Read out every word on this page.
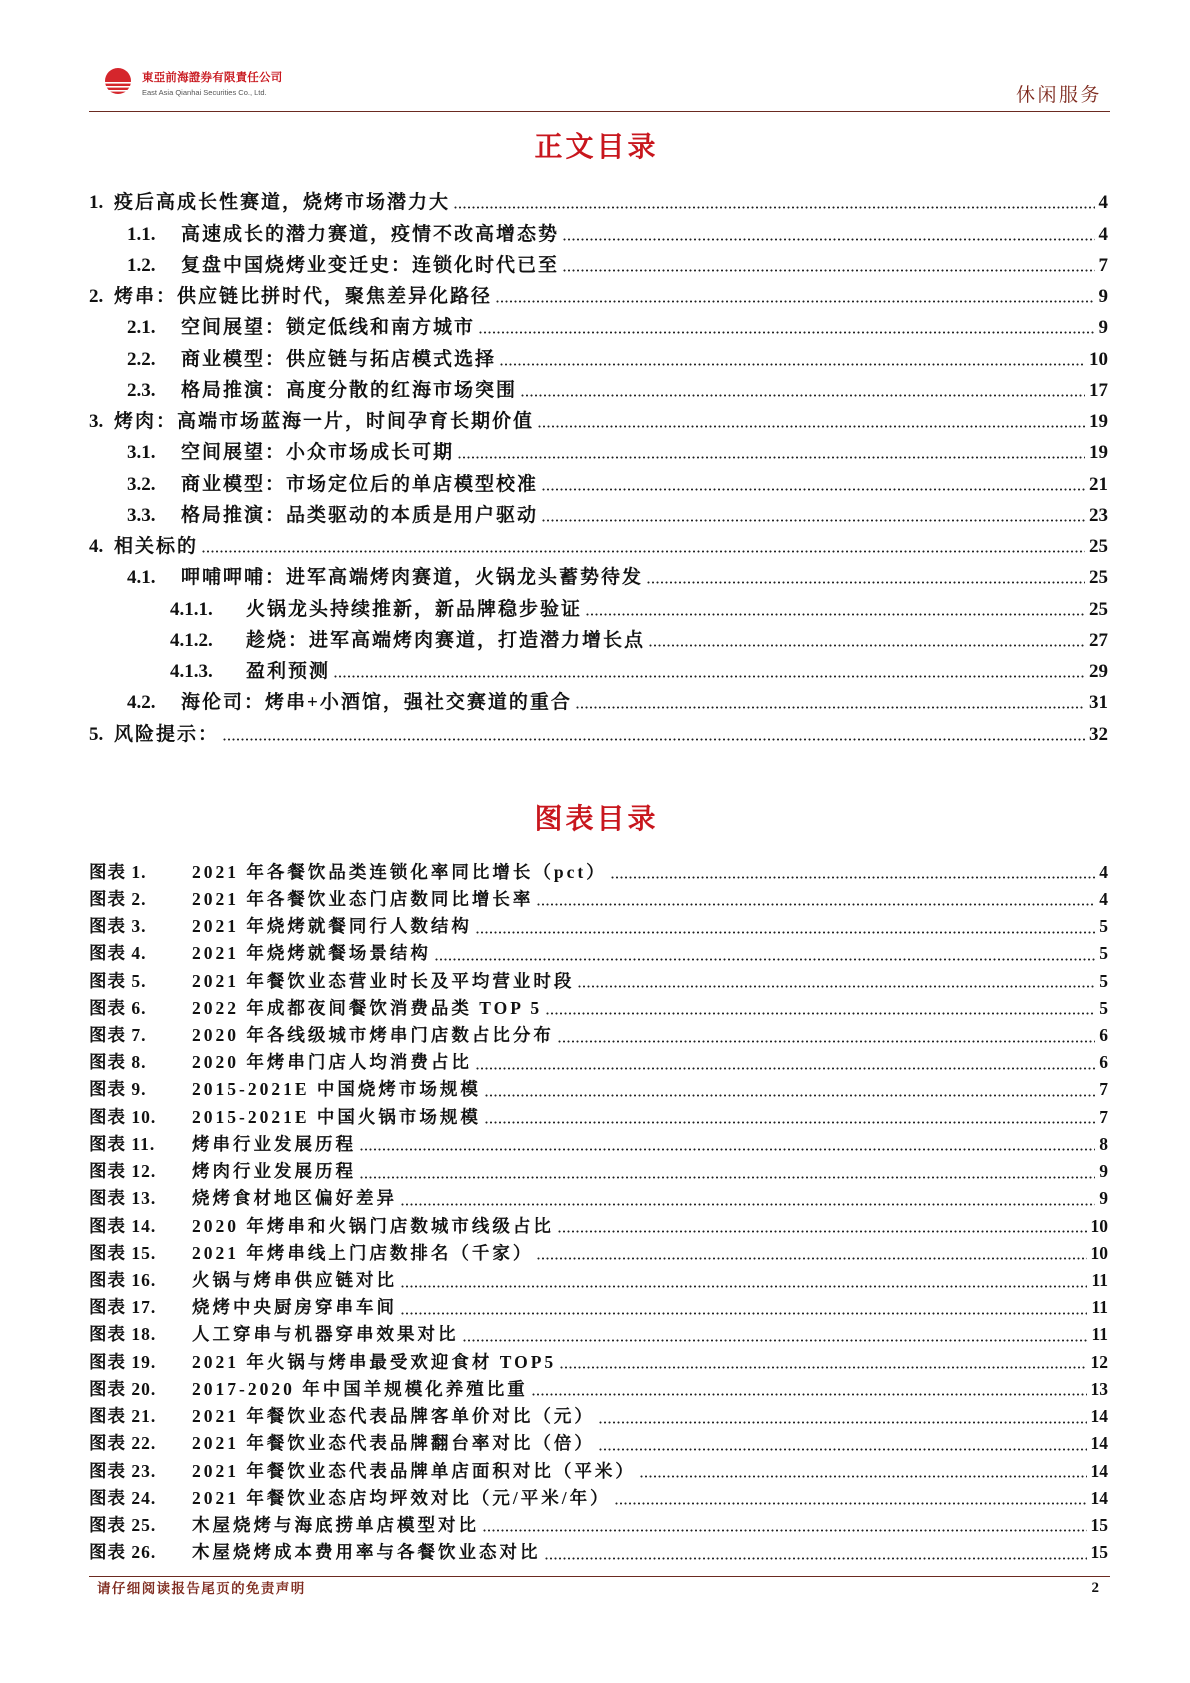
東亞前海證券有限責任公司
East Asia Qianhai Securities Co., Ltd.	休闲服务
正文目录
1. 疫后高成长性赛道，烧烤市场潜力大	4
1.1.	高速成长的潜力赛道，疫情不改高增态势	4
1.2.	复盘中国烧烤业变迁史：连锁化时代已至	7
2. 烤串：供应链比拼时代，聚焦差异化路径	9
2.1.	空间展望：锁定低线和南方城市	9
2.2.	商业模型：供应链与拓店模式选择	10
2.3.	格局推演：高度分散的红海市场突围	17
3. 烤肉：高端市场蓝海一片，时间孕育长期价值	19
3.1.	空间展望：小众市场成长可期	19
3.2.	商业模型：市场定位后的单店模型校准	21
3.3.	格局推演：品类驱动的本质是用户驱动	23
4. 相关标的	25
4.1.	呷哺呷哺：进军高端烤肉赛道，火锅龙头蓄势待发	25
4.1.1.	火锅龙头持续推新，新品牌稳步验证	25
4.1.2.	趁烧：进军高端烤肉赛道，打造潜力增长点	27
4.1.3.	盈利预测	29
4.2.	海伦司：烤串+小酒馆，强社交赛道的重合	31
5. 风险提示：	32
图表目录
图表 1.	2021 年各餐饮品类连锁化率同比增长（pct）	4
图表 2.	2021 年各餐饮业态门店数同比增长率	4
图表 3.	2021 年烧烤就餐同行人数结构	5
图表 4.	2021 年烧烤就餐场景结构	5
图表 5.	2021 年餐饮业态营业时长及平均营业时段	5
图表 6.	2022 年成都夜间餐饮消费品类 TOP 5	5
图表 7.	2020 年各线级城市烤串门店数占比分布	6
图表 8.	2020 年烤串门店人均消费占比	6
图表 9.	2015-2021E 中国烧烤市场规模	7
图表 10.	2015-2021E 中国火锅市场规模	7
图表 11.	烤串行业发展历程	8
图表 12.	烤肉行业发展历程	9
图表 13.	烧烤食材地区偏好差异	9
图表 14.	2020 年烤串和火锅门店数城市线级占比	10
图表 15.	2021 年烤串线上门店数排名（千家）	10
图表 16.	火锅与烤串供应链对比	11
图表 17.	烧烤中央厨房穿串车间	11
图表 18.	人工穿串与机器穿串效果对比	11
图表 19.	2021 年火锅与烤串最受欢迎食材 TOP5	12
图表 20.	2017-2020 年中国羊规模化养殖比重	13
图表 21.	2021 年餐饮业态代表品牌客单价对比（元）	14
图表 22.	2021 年餐饮业态代表品牌翻台率对比（倍）	14
图表 23.	2021 年餐饮业态代表品牌单店面积对比（平米）	14
图表 24.	2021 年餐饮业态店均坪效对比（元/平米/年）	14
图表 25.	木屋烧烤与海底捞单店模型对比	15
图表 26.	木屋烧烤成本费用率与各餐饮业态对比	15
请仔细阅读报告尾页的免责声明	2
